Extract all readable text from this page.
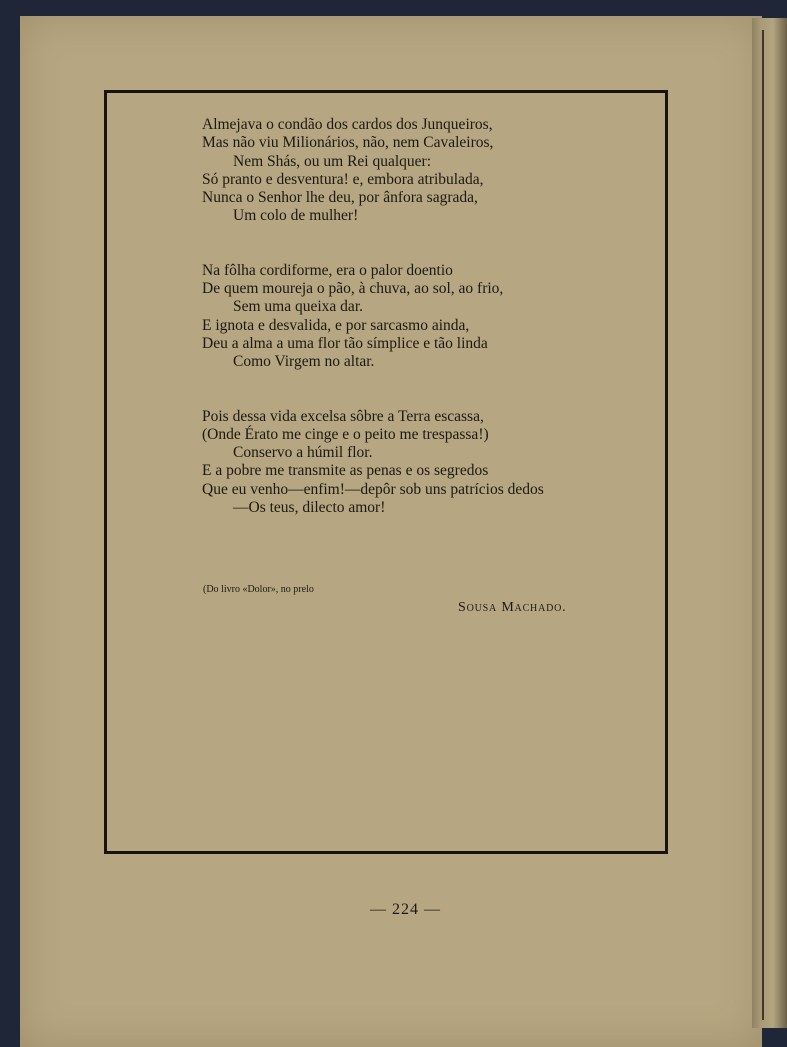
Almejava o condão dos cardos dos Junqueiros,
Mas não viu Milionários, não, nem Cavaleiros,
Nem Shás, ou um Rei qualquer:
Só pranto e desventura! e, embora atribulada,
Nunca o Senhor lhe deu, por ânfora sagrada,
Um colo de mulher!
Na fôlha cordiforme, era o palor doentio
De quem moureja o pão, à chuva, ao sol, ao frio,
Sem uma queixa dar.
E ignota e desvalida, e por sarcasmo ainda,
Deu a alma a uma flor tão símplice e tão linda
Como Virgem no altar.
Pois dessa vida excelsa sôbre a Terra escassa,
(Onde Érato me cinge e o peito me trespassa!)
Conservo a húmil flor.
E a pobre me transmite as penas e os segredos
Que eu venho—enfim!—depôr sob uns patrícios dedos
—Os teus, dilecto amor!
(Do livro «Dolor», no prelo
Sousa Machado.
— 224 —
